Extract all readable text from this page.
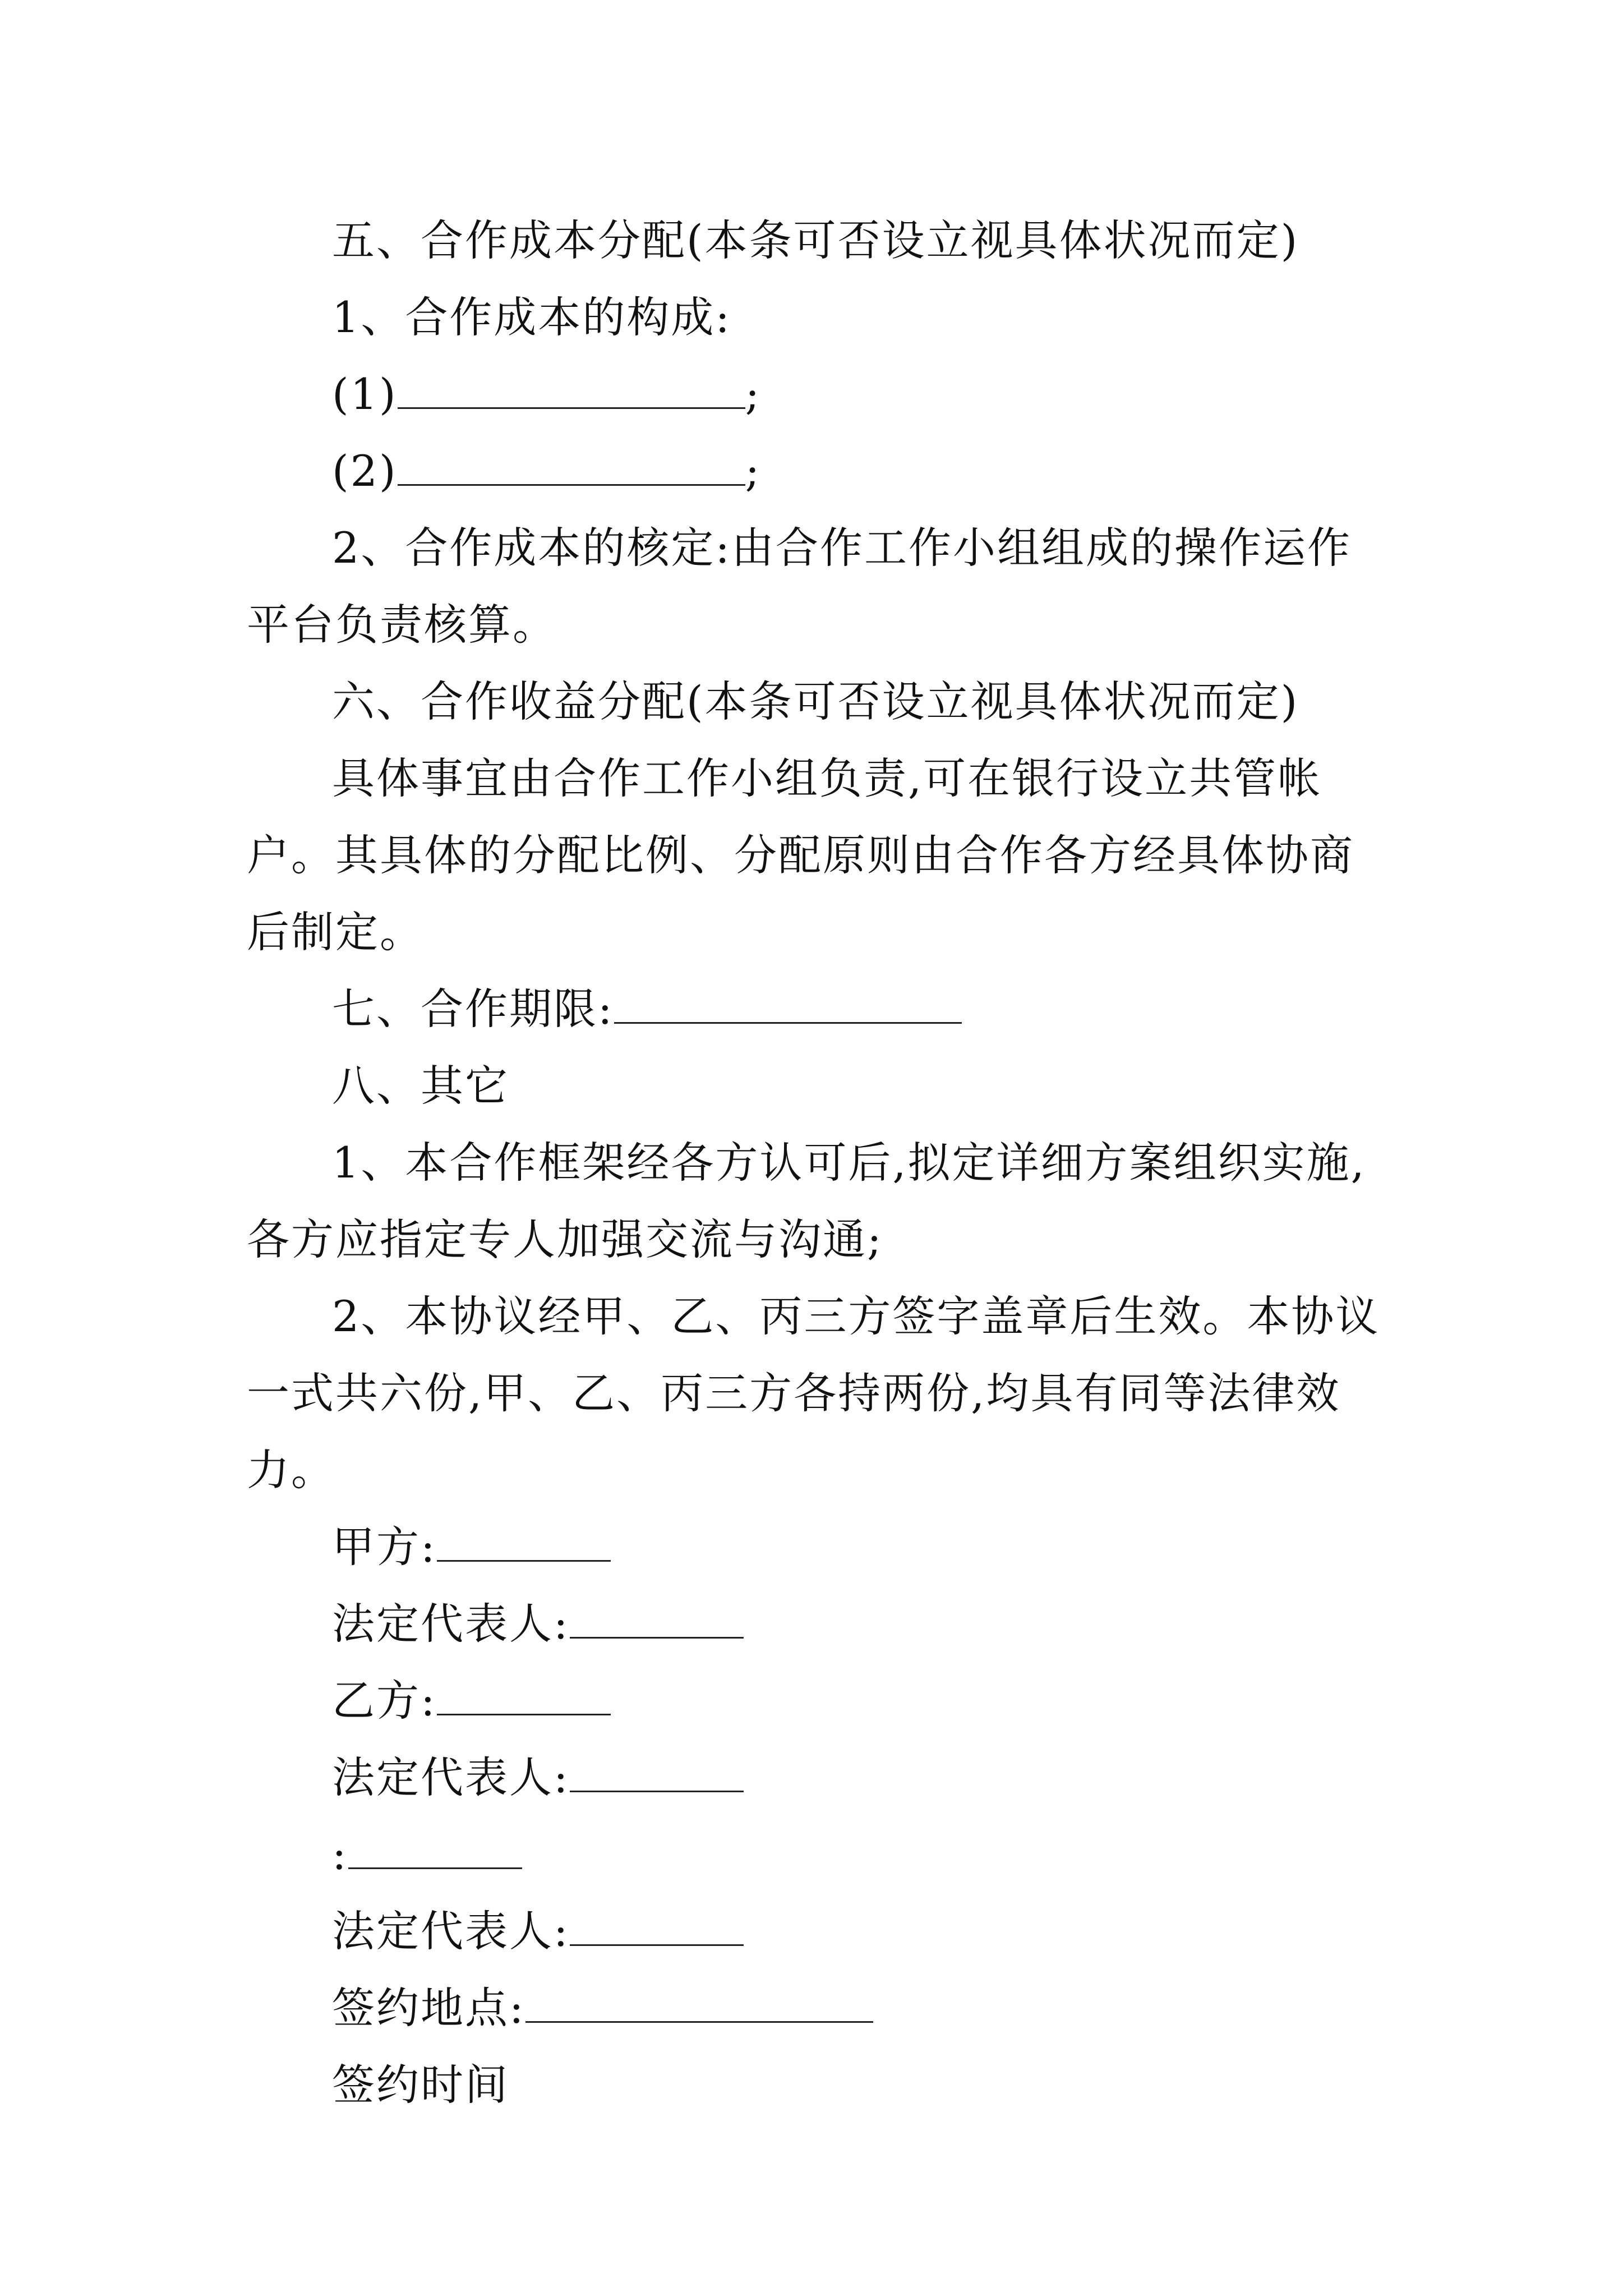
五、合作成本分配(本条可否设立视具体状况而定)

1、合作成本的构成:

(1)	;

(2)	;

2、合作成本的核定:由合作工作小组组成的操作运作平台负责核算。

六、合作收益分配(本条可否设立视具体状况而定)

具体事宜由合作工作小组负责,可在银行设立共管帐户。其具体的分配比例、分配原则由合作各方经具体协商后制定。

七、合作期限:

八、其它

1、本合作框架经各方认可后,拟定详细方案组织实施,各方应指定专人加强交流与沟通;

2、本协议经甲、乙、丙三方签字盖章后生效。本协议一式共六份,甲、乙、丙三方各持两份,均具有同等法律效力。

甲方:

法定代表人:

乙方:

法定代表人:

:

法定代表人:

签约地点:

签约时间
